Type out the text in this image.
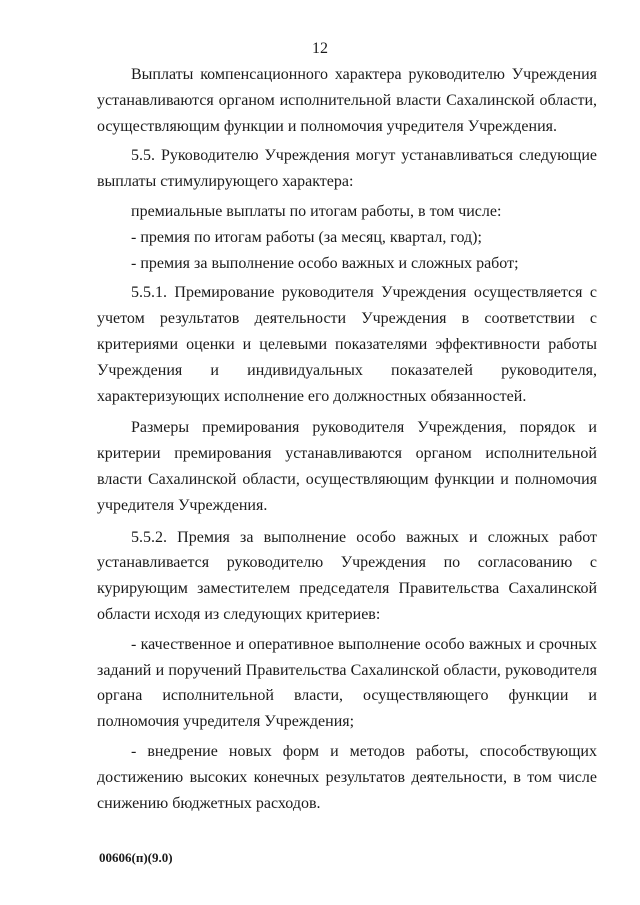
12

Выплаты компенсационного характера руководителю Учреждения устанавливаются органом исполнительной власти Сахалинской области, осуществляющим функции и полномочия учредителя Учреждения.

5.5. Руководителю Учреждения могут устанавливаться следующие выплаты стимулирующего характера:

премиальные выплаты по итогам работы, в том числе:

- премия по итогам работы (за месяц, квартал, год);

- премия за выполнение особо важных и сложных работ;

5.5.1. Премирование руководителя Учреждения осуществляется с учетом результатов деятельности Учреждения в соответствии с критериями оценки и целевыми показателями эффективности работы Учреждения и индивидуальных показателей руководителя, характеризующих исполнение его должностных обязанностей.

Размеры премирования руководителя Учреждения, порядок и критерии премирования устанавливаются органом исполнительной власти Сахалинской области, осуществляющим функции и полномочия учредителя Учреждения.

5.5.2. Премия за выполнение особо важных и сложных работ устанавливается руководителю Учреждения по согласованию с курирующим заместителем председателя Правительства Сахалинской области исходя из следующих критериев:

- качественное и оперативное выполнение особо важных и срочных заданий и поручений Правительства Сахалинской области, руководителя органа исполнительной власти, осуществляющего функции и полномочия учредителя Учреждения;

- внедрение новых форм и методов работы, способствующих достижению высоких конечных результатов деятельности, в том числе снижению бюджетных расходов.

00606(п)(9.0)
